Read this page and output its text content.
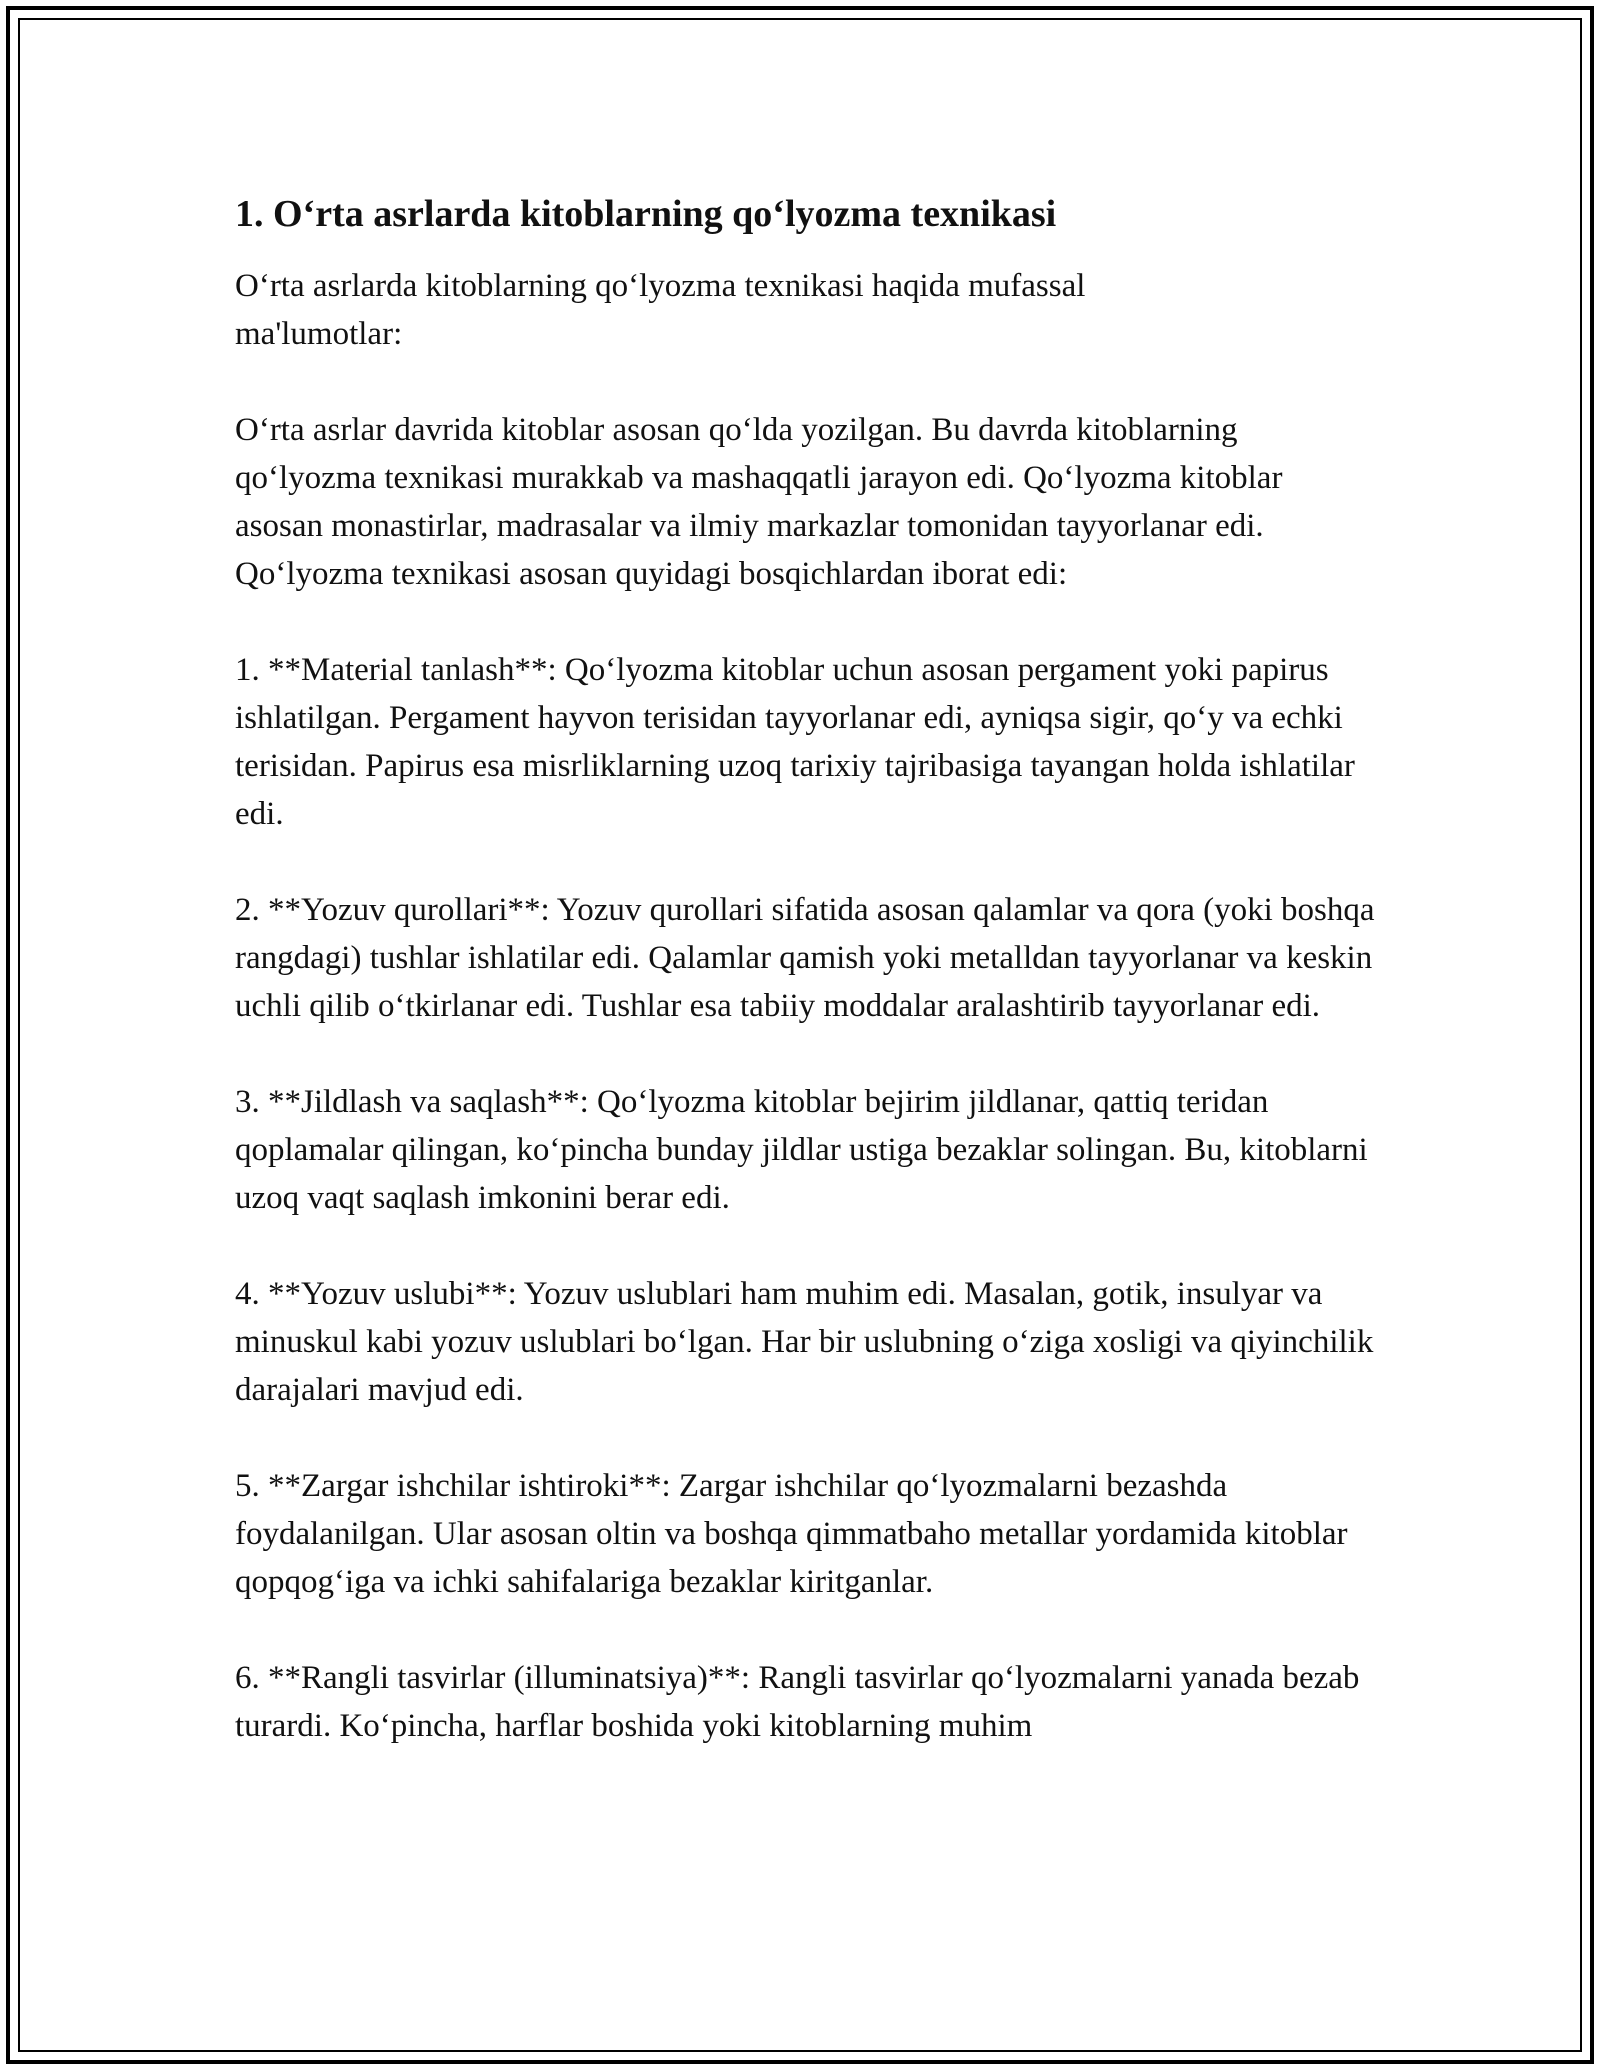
1. O‘rta asrlarda kitoblarning qo‘lyozma texnikasi

O‘rta asrlarda kitoblarning qo‘lyozma texnikasi haqida mufassal ma'lumotlar:

O‘rta asrlar davrida kitoblar asosan qo‘lda yozilgan. Bu davrda kitoblarning qo‘lyozma texnikasi murakkab va mashaqqatli jarayon edi. Qo‘lyozma kitoblar asosan monastirlar, madrasalar va ilmiy markazlar tomonidan tayyorlanar edi. Qo‘lyozma texnikasi asosan quyidagi bosqichlardan iborat edi:

1. **Material tanlash**: Qo‘lyozma kitoblar uchun asosan pergament yoki papirus ishlatilgan. Pergament hayvon terisidan tayyorlanar edi, ayniqsa sigir, qo‘y va echki terisidan. Papirus esa misrliklarning uzoq tarixiy tajribasiga tayangan holda ishlatilar edi.

2. **Yozuv qurollari**: Yozuv qurollari sifatida asosan qalamlar va qora (yoki boshqa rangdagi) tushlar ishlatilar edi. Qalamlar qamish yoki metalldan tayyorlanar va keskin uchli qilib o‘tkirlanar edi. Tushlar esa tabiiy moddalar aralashtirib tayyorlanar edi.

3. **Jildlash va saqlash**: Qo‘lyozma kitoblar bejirim jildlanar, qattiq teridan qoplamalar qilingan, ko‘pincha bunday jildlar ustiga bezaklar solingan. Bu, kitoblarni uzoq vaqt saqlash imkonini berar edi.

4. **Yozuv uslubi**: Yozuv uslublari ham muhim edi. Masalan, gotik, insulyar va minuskul kabi yozuv uslublari bo‘lgan. Har bir uslubning o‘ziga xosligi va qiyinchilik darajalari mavjud edi.

5. **Zargar ishchilar ishtiroki**: Zargar ishchilar qo‘lyozmalarni bezashda foydalanilgan. Ular asosan oltin va boshqa qimmatbaho metallar yordamida kitoblar qopqog‘iga va ichki sahifalariga bezaklar kiritganlar.

6. **Rangli tasvirlar (illuminatsiya)**: Rangli tasvirlar qo‘lyozmalarni yanada bezab turardi. Ko‘pincha, harflar boshida yoki kitoblarning muhim
